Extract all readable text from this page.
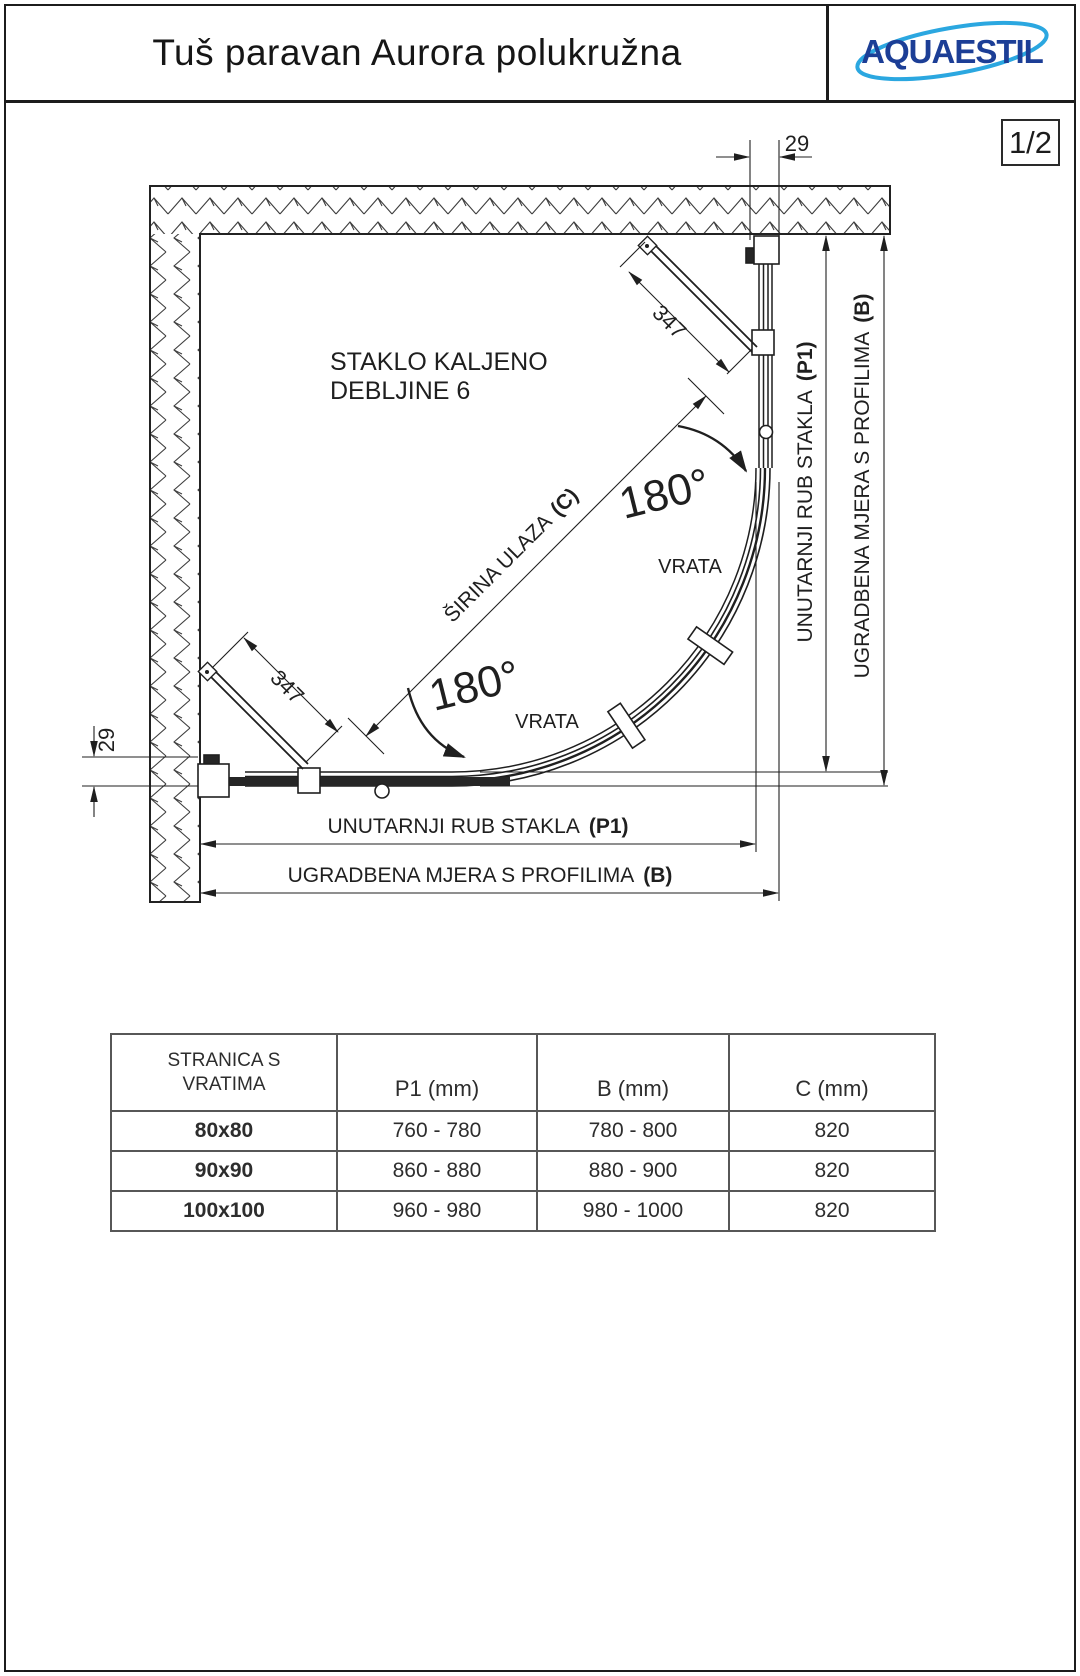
Tuš paravan Aurora polukružna	AQUAESTIL
1/2
347
347
29
29
ŠIRINA ULAZA(C) 180°
180°
VRATA
VRATA
STAKLO KALJENO
DEBLJINE 6	UNUTARNJI RUB STAKLA(P1) UGRADBENA MJERA S PROFILIMA(B)
UNUTARNJI RUB STAKLA (P1)
UGRADBENA MJERA S PROFILIMA (B)
STRANICA S
VRATIMA	P1 (mm)	B (mm)	C (mm)
80x80	760 - 780	780 - 800	820
90x90	860 - 880	880 - 900	820
100x100	960 - 980	980 - 1000	820
